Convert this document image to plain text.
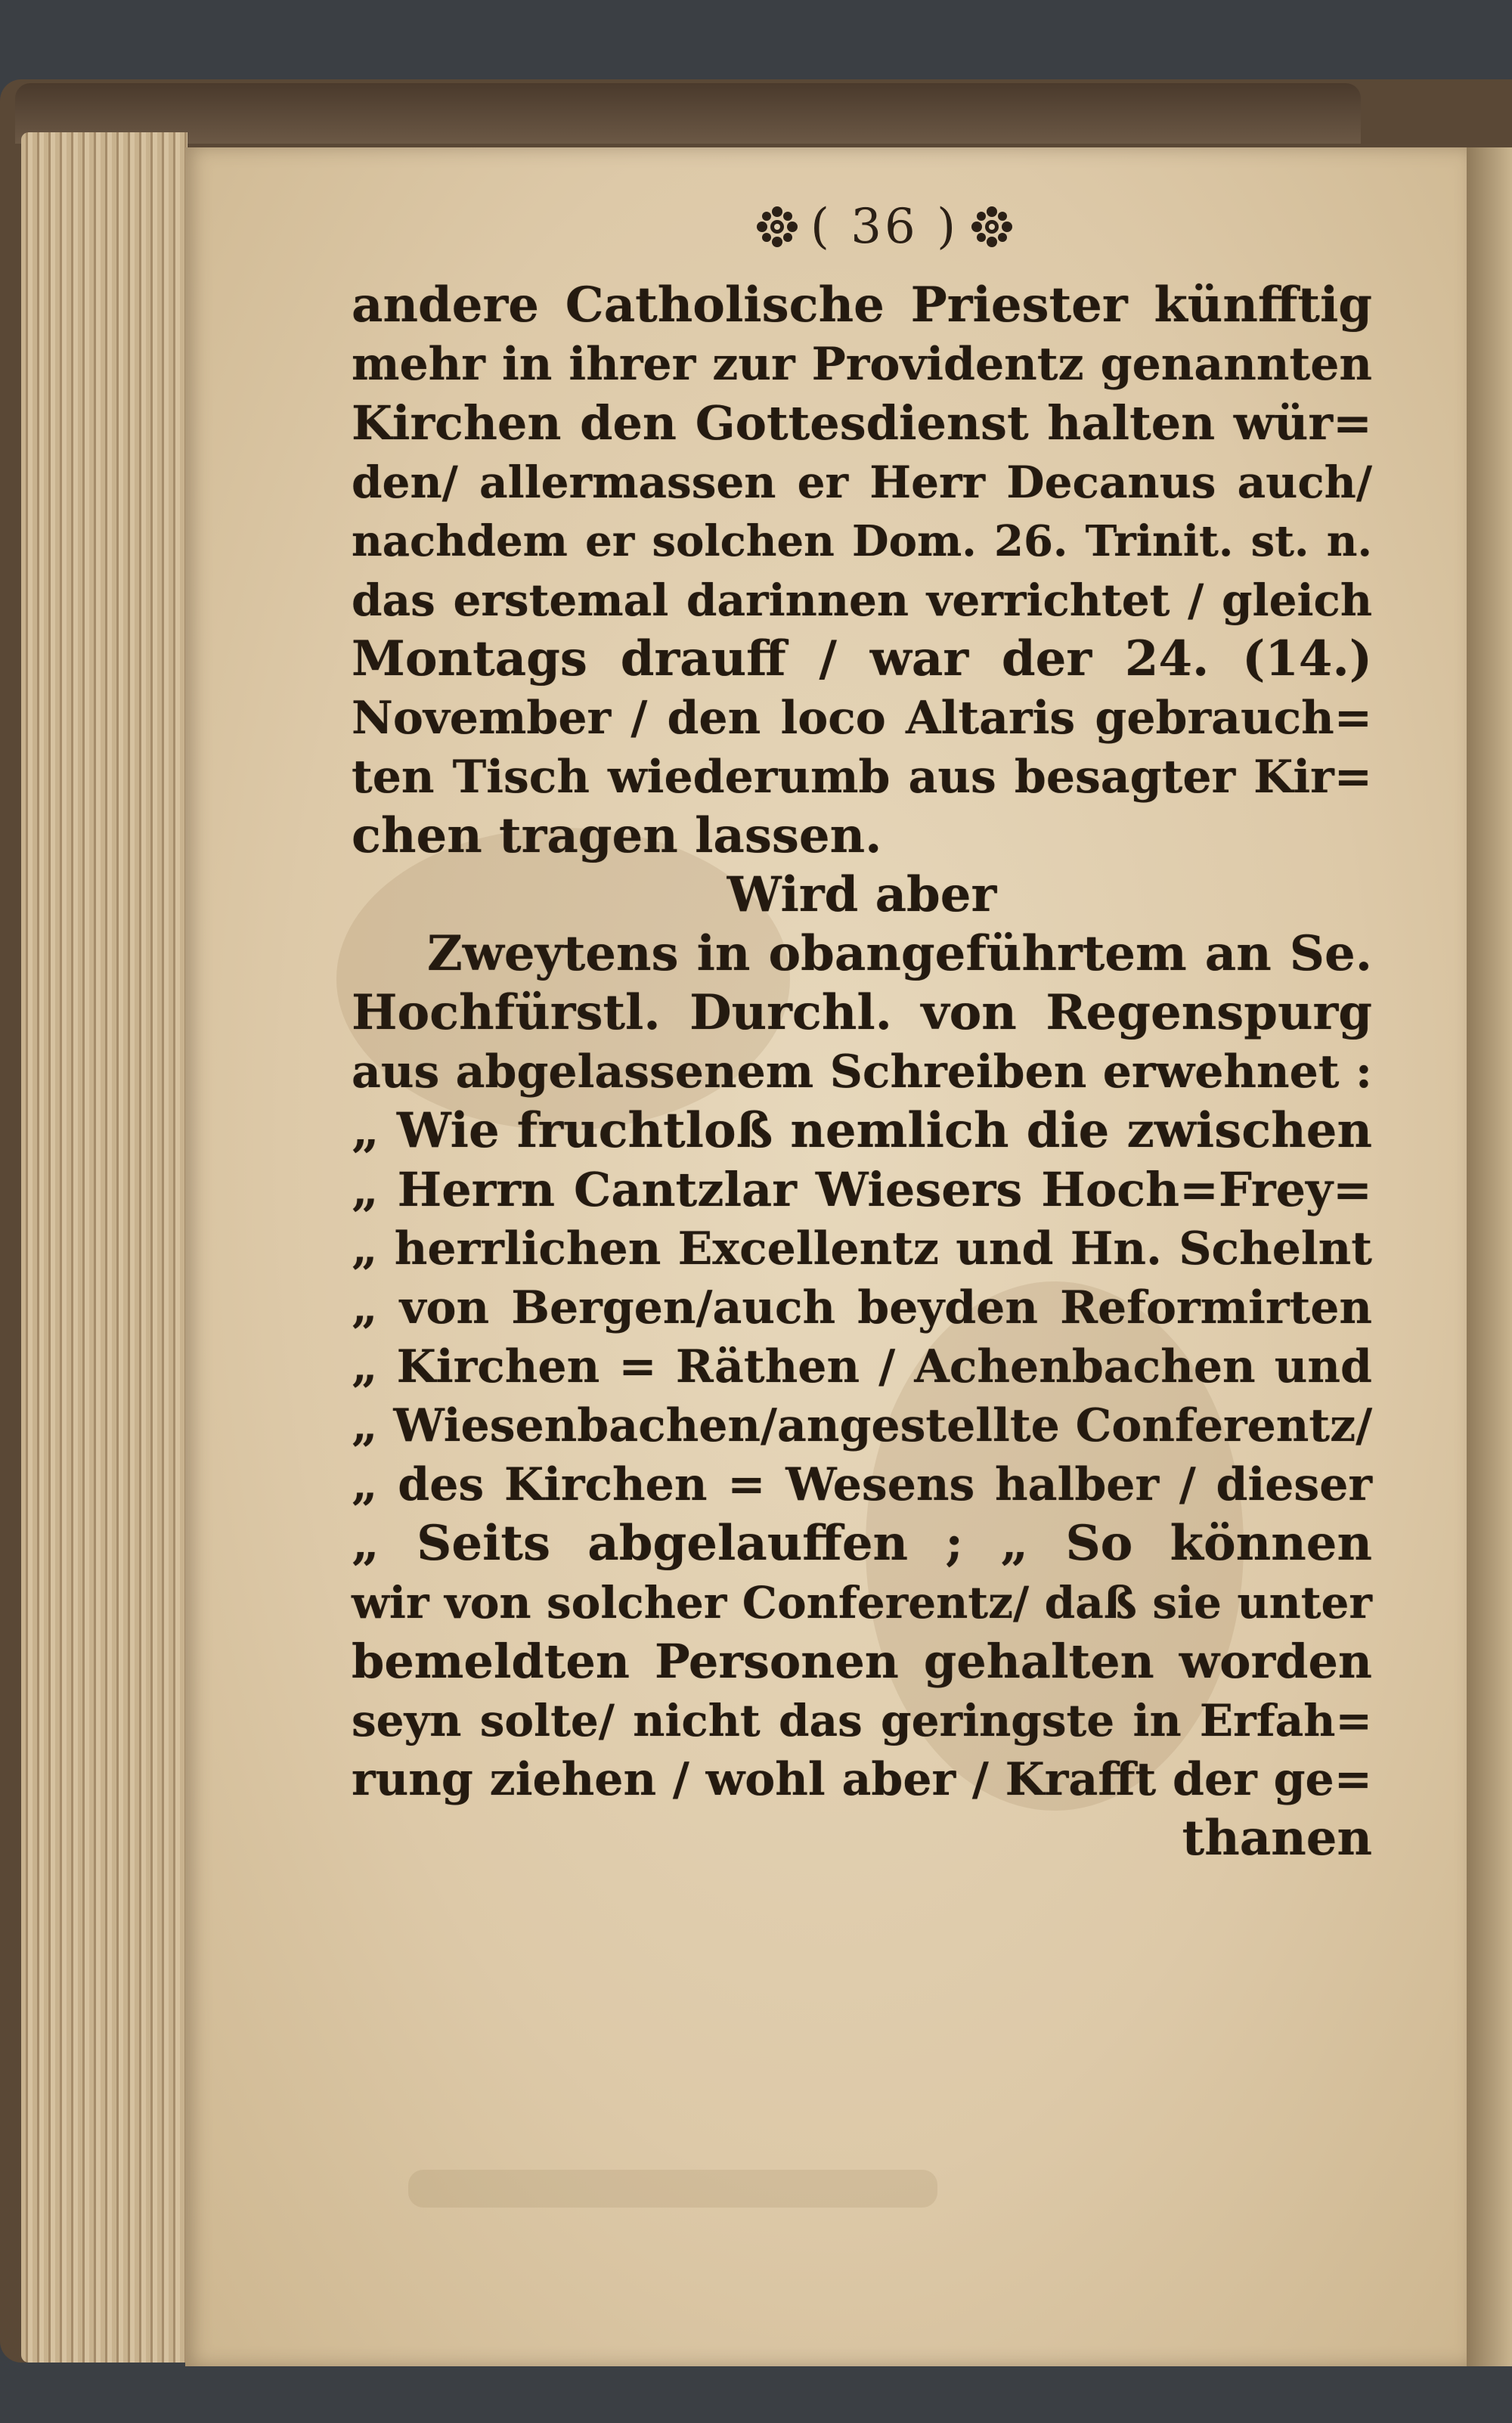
( 36 )
andere Catholische Priester künfftig
mehr in ihrer zur Providentz genannten
Kirchen den Gottesdienst halten wür=
den/ allermassen er Herr Decanus auch/
nachdem er solchen Dom. 26. Trinit. st. n.
das erstemal darinnen verrichtet / gleich
Montags drauff / war der 24. (14.)
November / den loco Altaris gebrauch=
ten Tisch wiederumb aus besagter Kir=
chen tragen lassen.
Wird aber
Zweytens in obangeführtem an Se.
Hochfürstl. Durchl. von Regenspurg
aus abgelassenem Schreiben erwehnet :
„ Wie fruchtloß nemlich die zwischen
„ Herrn Cantzlar Wiesers Hoch=Frey=
„ herrlichen Excellentz und Hn. Schelnt
„ von Bergen/auch beyden Reformirten
„ Kirchen = Räthen / Achenbachen und
„ Wiesenbachen/angestellte Conferentz/
„ des Kirchen = Wesens halber / dieser
„ Seits abgelauffen ; „ So können
wir von solcher Conferentz/ daß sie unter
bemeldten Personen gehalten worden
seyn solte/ nicht das geringste in Erfah=
rung ziehen / wohl aber / Krafft der ge=
thanen
